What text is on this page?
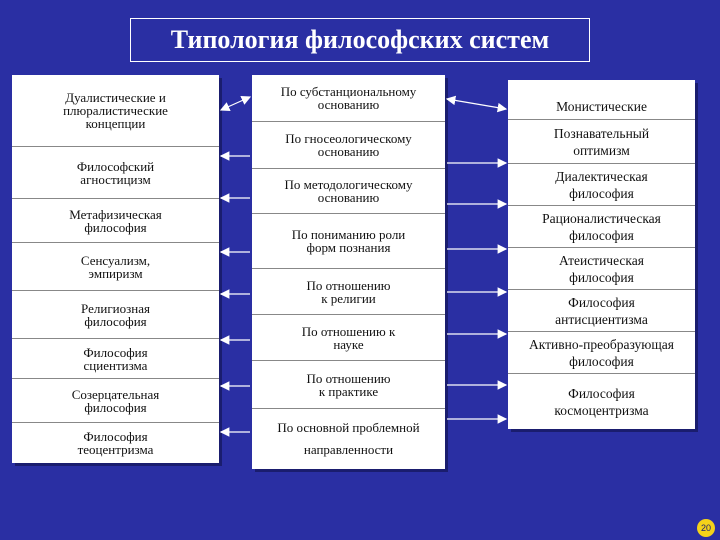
Типология философских систем
Дуалистические и
плюралистические
концепции
Философский
агностицизм
Метафизическая
философия
Сенсуализм,
эмпиризм
Религиозная
философия
Философия
сциентизма
Созерцательная
философия
Философия
теоцентризма
По субстанциональному
основанию
По гносеологическому
основанию
По методологическому
основанию
По пониманию роли
форм познания
По отношению
к религии
По отношению к
науке
По отношению
к практике
По основной проблемной
направленности
Монистические
Познавательный
оптимизм
Диалектическая
философия
Рационалистическая
философия
Атеистическая
философия
Философия
антисциентизма
Активно-преобразующая
философия
Философия
космоцентризма
20
